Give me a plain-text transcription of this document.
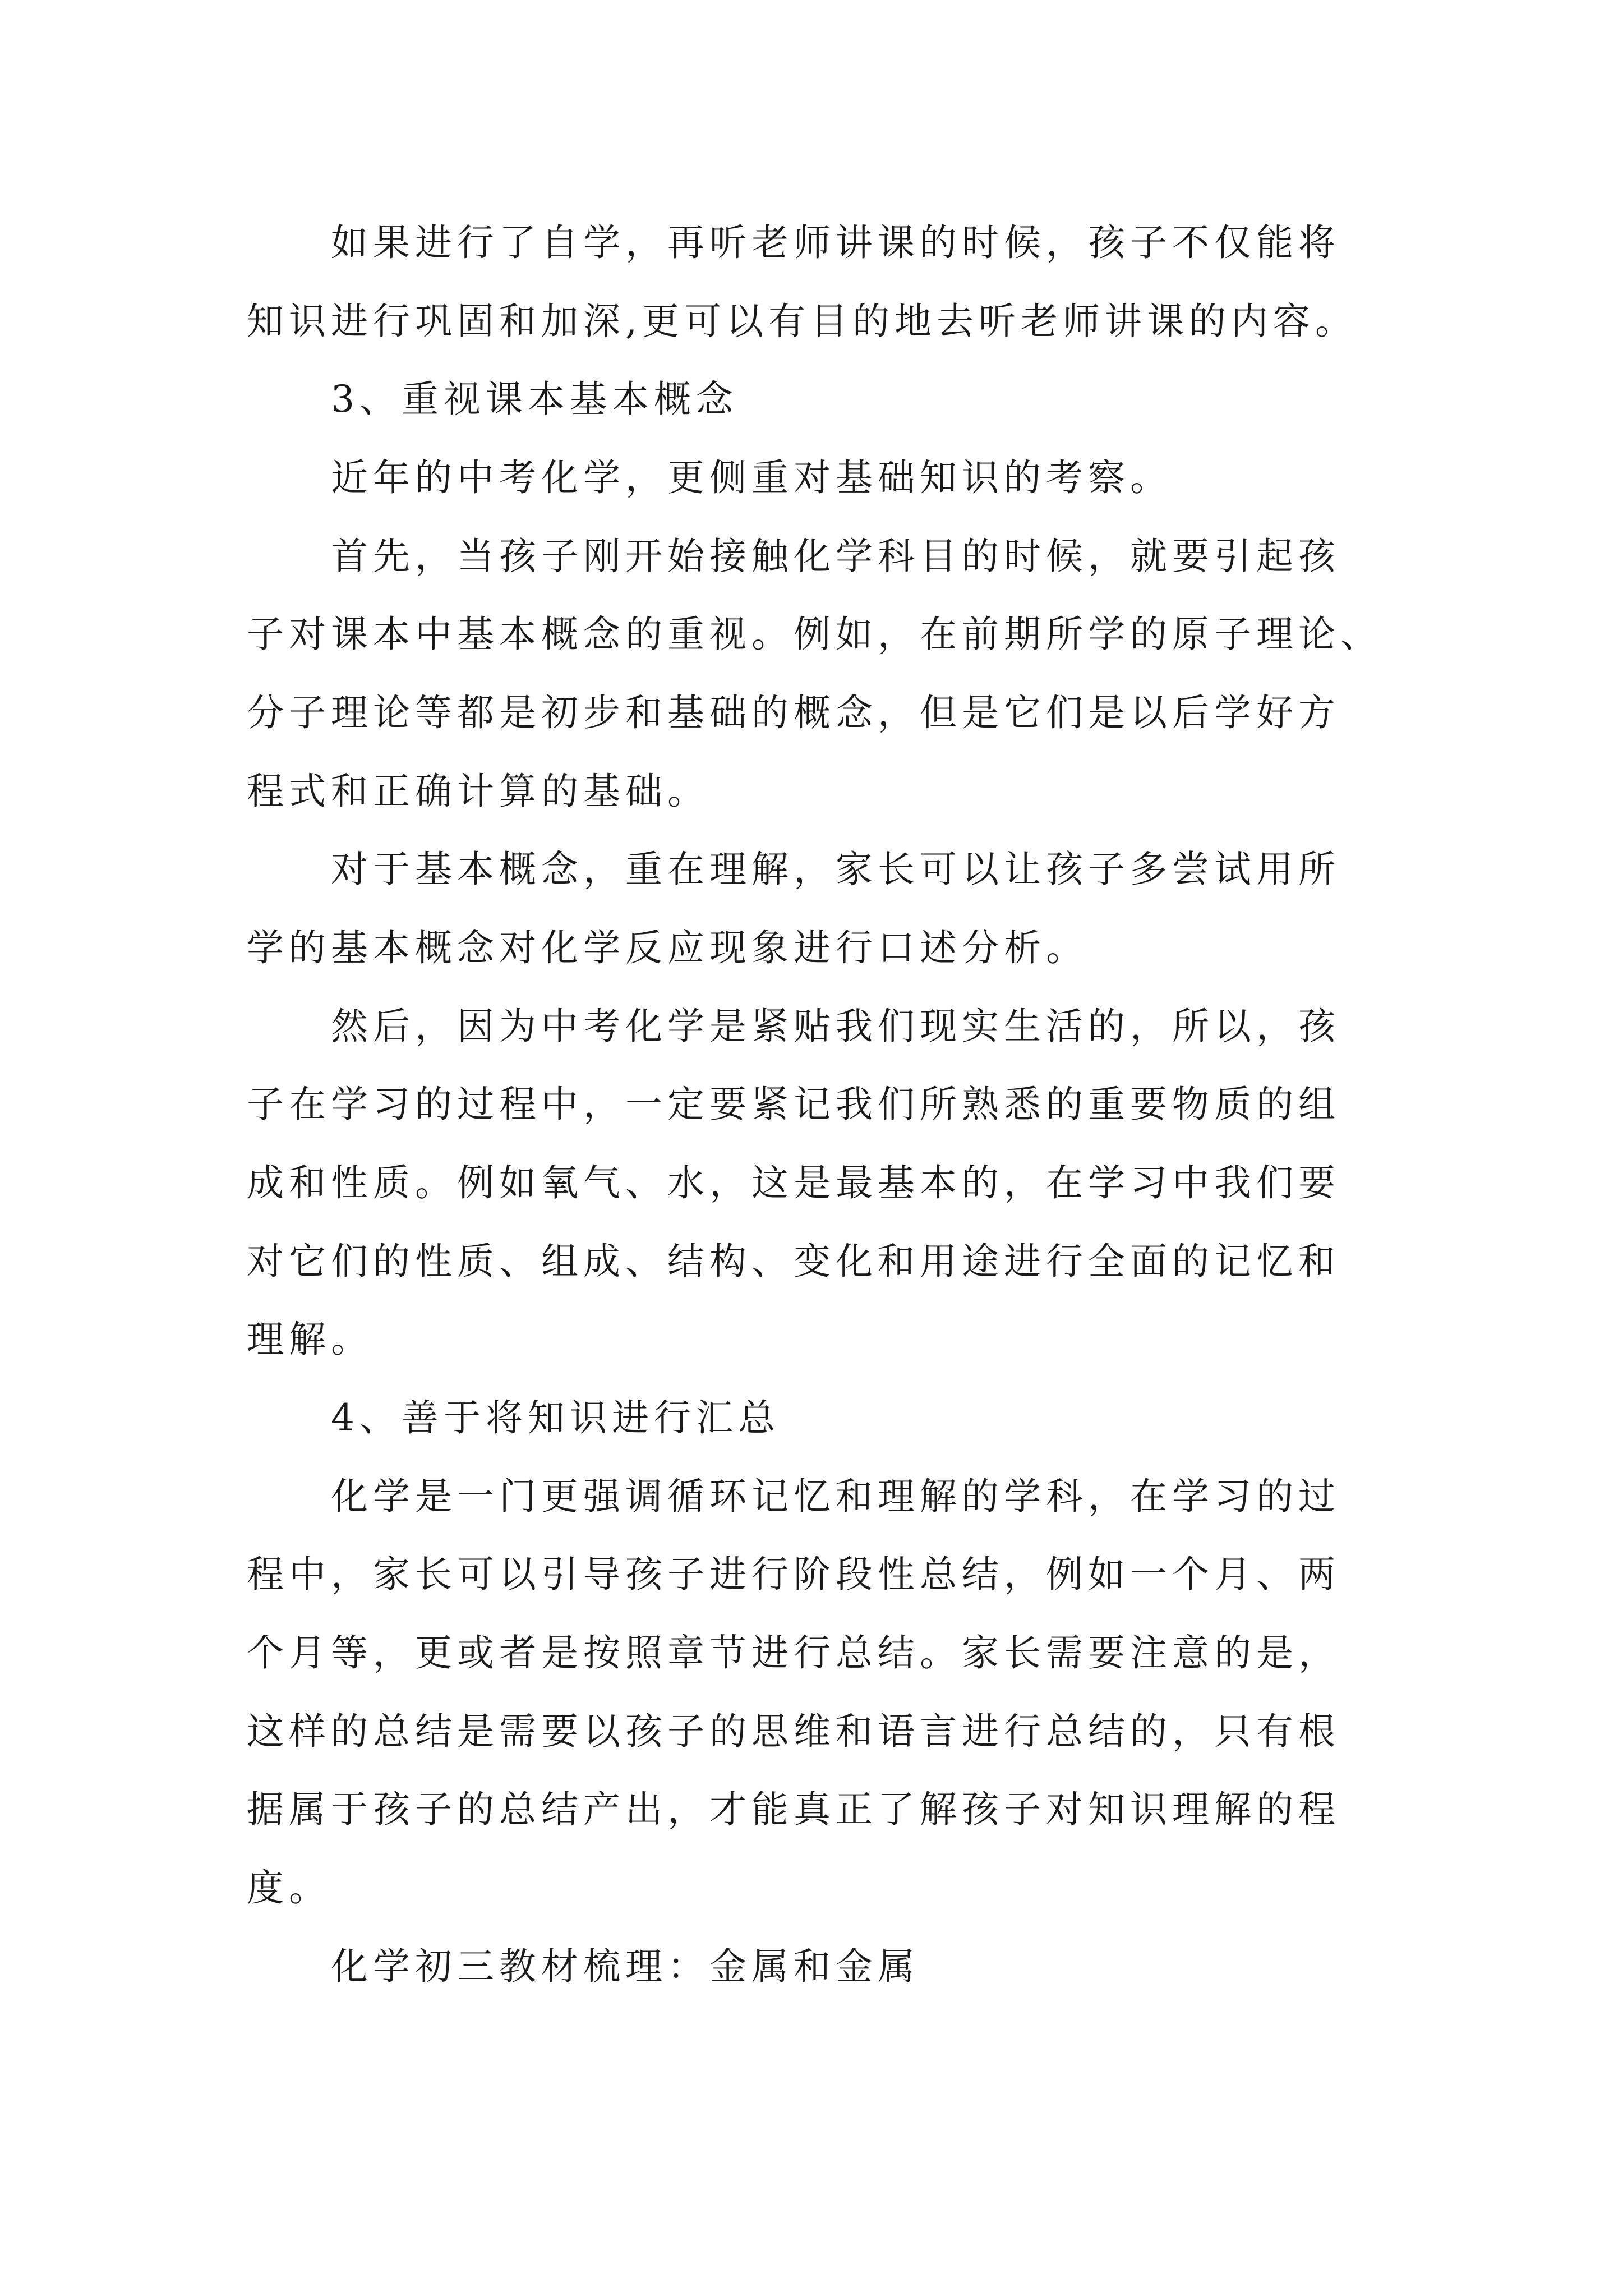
如果进行了自学，再听老师讲课的时候，孩子不仅能将
知识进行巩固和加深,更可以有目的地去听老师讲课的内容。
3、重视课本基本概念
近年的中考化学，更侧重对基础知识的考察。
首先，当孩子刚开始接触化学科目的时候，就要引起孩
子对课本中基本概念的重视。例如，在前期所学的原子理论、
分子理论等都是初步和基础的概念，但是它们是以后学好方
程式和正确计算的基础。
对于基本概念，重在理解，家长可以让孩子多尝试用所
学的基本概念对化学反应现象进行口述分析。
然后，因为中考化学是紧贴我们现实生活的，所以，孩
子在学习的过程中，一定要紧记我们所熟悉的重要物质的组
成和性质。例如氧气、水，这是最基本的，在学习中我们要
对它们的性质、组成、结构、变化和用途进行全面的记忆和
理解。
4、善于将知识进行汇总
化学是一门更强调循环记忆和理解的学科，在学习的过
程中，家长可以引导孩子进行阶段性总结，例如一个月、两
个月等，更或者是按照章节进行总结。家长需要注意的是，
这样的总结是需要以孩子的思维和语言进行总结的，只有根
据属于孩子的总结产出，才能真正了解孩子对知识理解的程
度。
化学初三教材梳理：金属和金属
